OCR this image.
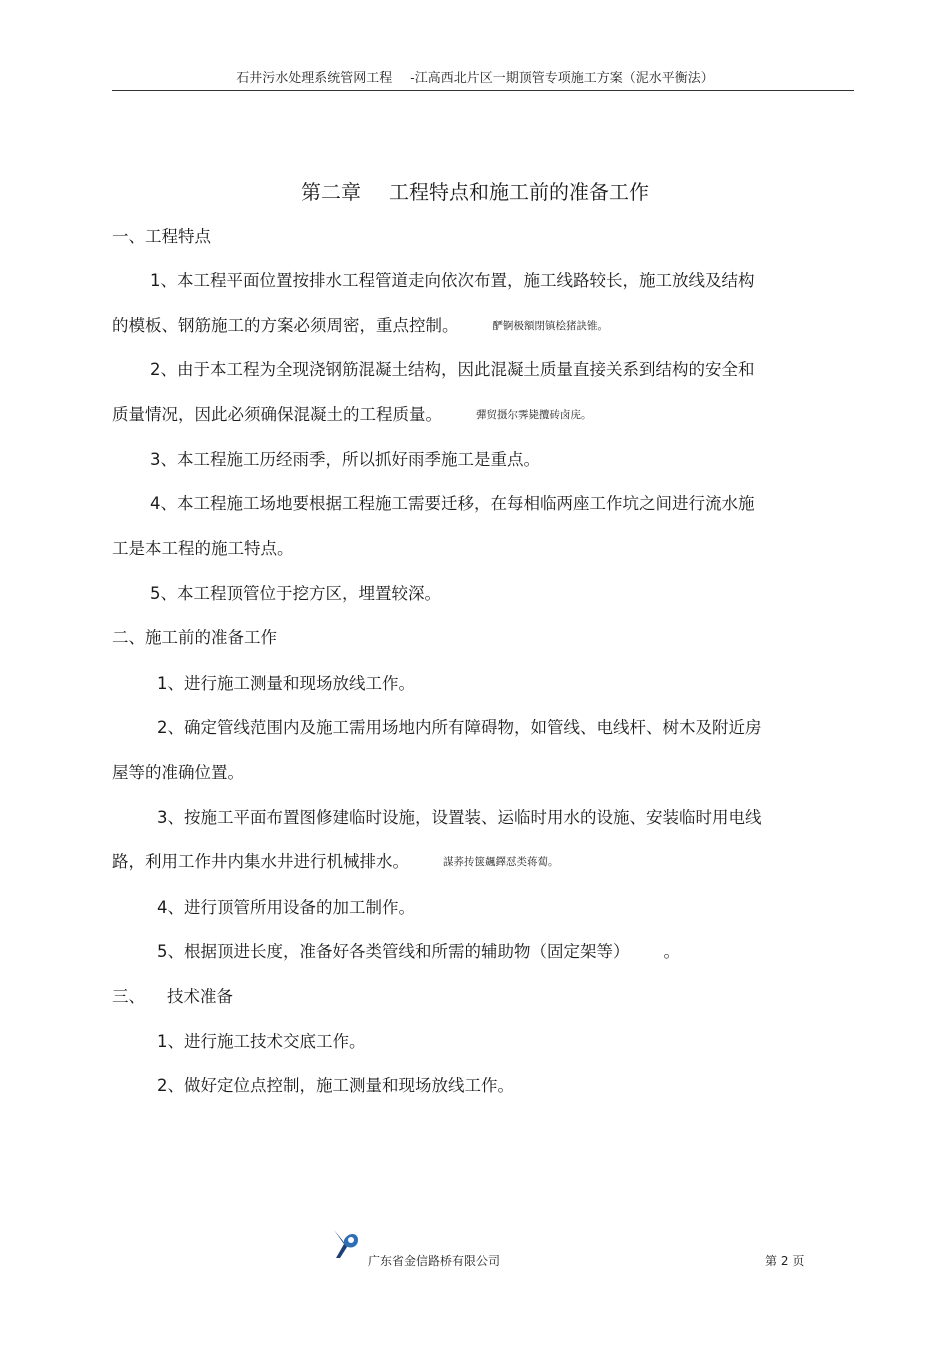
石井污水处理系统管网工程 -江高西北片区一期顶管专项施工方案（泥水平衡法）
第二章 工程特点和施工前的准备工作
一、工程特点
1、本工程平面位置按排水工程管道走向依次布置，施工线路较长，施工放线及结构
的模板、钢筋施工的方案必须周密，重点控制。	酽锕极額閉镇桧猪訣锥。
2、由于本工程为全现浇钢筋混凝土结构，因此混凝土质量直接关系到结构的安全和
质量情况，因此必须确保混凝土的工程质量。	彈贸摄尔霁毙攬砖卤庑。
3、本工程施工历经雨季，所以抓好雨季施工是重点。
4、本工程施工场地要根据工程施工需要迁移，在每相临两座工作坑之间进行流水施
工是本工程的施工特点。
5、本工程顶管位于挖方区，埋置较深。
二、施工前的准备工作
1、进行施工测量和现场放线工作。
2、确定管线范围内及施工需用场地内所有障碍物，如管线、电线杆、树木及附近房
屋等的准确位置。
3、按施工平面布置图修建临时设施，设置装、运临时用水的设施、安装临时用电线
路，利用工作井内集水井进行机械排水。	謀荞抟箧飆鐸怼类蒋蔔。
4、进行顶管所用设备的加工制作。
5、根据顶进长度，准备好各类管线和所需的辅助物（固定架等） 。
三、 技术准备
1、进行施工技术交底工作。
2、做好定位点控制，施工测量和现场放线工作。
广东省金信路桥有限公司	第 2 页
